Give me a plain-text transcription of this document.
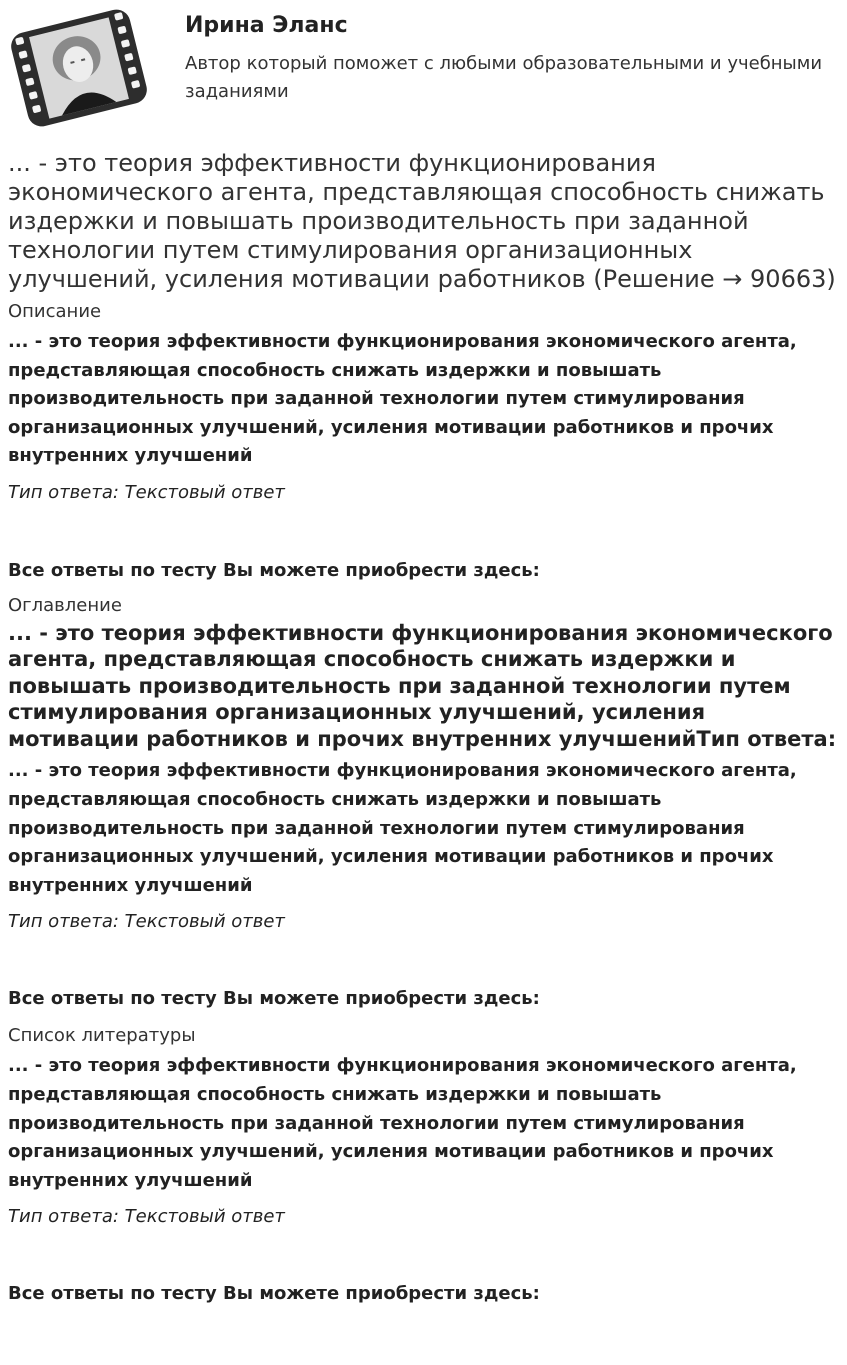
Ирина Эланс
Автор который поможет с любыми образовательными и учебными заданиями
... - это теория эффективности функционирования экономического агента, представляющая способность снижать издержки и повышать производительность при заданной технологии путем стимулирования организационных улучшений, усиления мотивации работников (Решение → 90663)

Описание

... - это теория эффективности функционирования экономического агента, представляющая способность снижать издержки и повышать производительность при заданной технологии путем стимулирования организационных улучшений, усиления мотивации работников и прочих внутренних улучшений

Тип ответа: Текстовый ответ

Все ответы по тесту Вы можете приобрести здесь:

Оглавление

... - это теория эффективности функционирования экономического агента, представляющая способность снижать издержки и повышать производительность при заданной технологии путем стимулирования организационных улучшений, усиления мотивации работников и прочих внутренних улучшенийТип ответа:

... - это теория эффективности функционирования экономического агента, представляющая способность снижать издержки и повышать производительность при заданной технологии путем стимулирования организационных улучшений, усиления мотивации работников и прочих внутренних улучшений

Тип ответа: Текстовый ответ

Все ответы по тесту Вы можете приобрести здесь:

Список литературы

... - это теория эффективности функционирования экономического агента, представляющая способность снижать издержки и повышать производительность при заданной технологии путем стимулирования организационных улучшений, усиления мотивации работников и прочих внутренних улучшений

Тип ответа: Текстовый ответ

Все ответы по тесту Вы можете приобрести здесь:
